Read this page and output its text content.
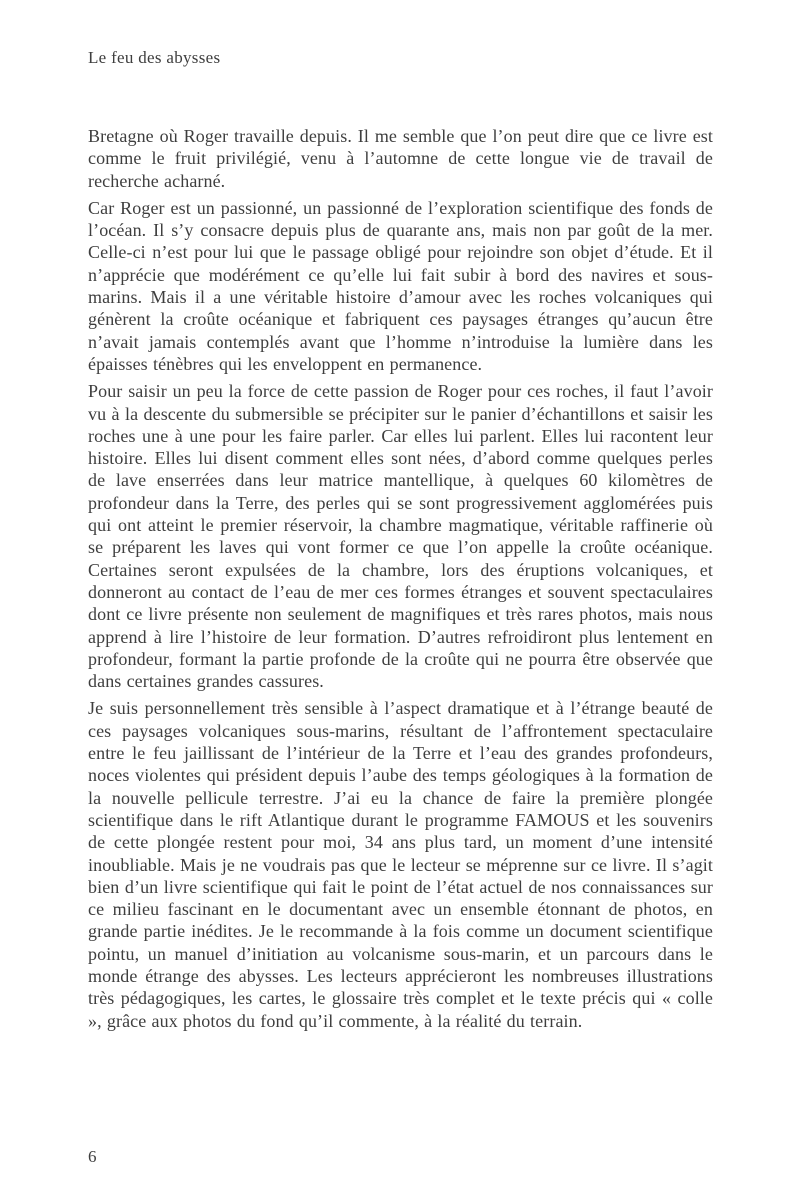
Le feu des abysses

Bretagne où Roger travaille depuis. Il me semble que l’on peut dire que ce livre est comme le fruit privilégié, venu à l’automne de cette longue vie de travail de recherche acharné.

Car Roger est un passionné, un passionné de l’exploration scientifique des fonds de l’océan. Il s’y consacre depuis plus de quarante ans, mais non par goût de la mer. Celle-ci n’est pour lui que le passage obligé pour rejoindre son objet d’étude. Et il n’apprécie que modérément ce qu’elle lui fait subir à bord des navires et sous-marins. Mais il a une véritable histoire d’amour avec les roches volcaniques qui génèrent la croûte océanique et fabriquent ces paysages étranges qu’aucun être n’avait jamais contemplés avant que l’homme n’introduise la lumière dans les épaisses ténèbres qui les enveloppent en permanence.

Pour saisir un peu la force de cette passion de Roger pour ces roches, il faut l’avoir vu à la descente du submersible se précipiter sur le panier d’échantillons et saisir les roches une à une pour les faire parler. Car elles lui parlent. Elles lui racontent leur histoire. Elles lui disent comment elles sont nées, d’abord comme quelques perles de lave enserrées dans leur matrice mantellique, à quelques 60 kilomètres de profondeur dans la Terre, des perles qui se sont progressivement agglomérées puis qui ont atteint le premier réservoir, la chambre magmatique, véritable raffinerie où se préparent les laves qui vont former ce que l’on appelle la croûte océanique. Certaines seront expulsées de la chambre, lors des éruptions volcaniques, et donneront au contact de l’eau de mer ces formes étranges et souvent spectaculaires dont ce livre présente non seulement de magnifiques et très rares photos, mais nous apprend à lire l’histoire de leur formation. D’autres refroidiront plus lentement en profondeur, formant la partie profonde de la croûte qui ne pourra être observée que dans certaines grandes cassures.

Je suis personnellement très sensible à l’aspect dramatique et à l’étrange beauté de ces paysages volcaniques sous-marins, résultant de l’affrontement spectaculaire entre le feu jaillissant de l’intérieur de la Terre et l’eau des grandes profondeurs, noces violentes qui président depuis l’aube des temps géologiques à la formation de la nouvelle pellicule terrestre. J’ai eu la chance de faire la première plongée scientifique dans le rift Atlantique durant le programme FAMOUS et les souvenirs de cette plongée restent pour moi, 34 ans plus tard, un moment d’une intensité inoubliable. Mais je ne voudrais pas que le lecteur se méprenne sur ce livre. Il s’agit bien d’un livre scientifique qui fait le point de l’état actuel de nos connaissances sur ce milieu fascinant en le documentant avec un ensemble étonnant de photos, en grande partie inédites. Je le recommande à la fois comme un document scientifique pointu, un manuel d’initiation au volcanisme sous-marin, et un parcours dans le monde étrange des abysses. Les lecteurs apprécieront les nombreuses illustrations très pédagogiques, les cartes, le glossaire très complet et le texte précis qui « colle », grâce aux photos du fond qu’il commente, à la réalité du terrain.

6
